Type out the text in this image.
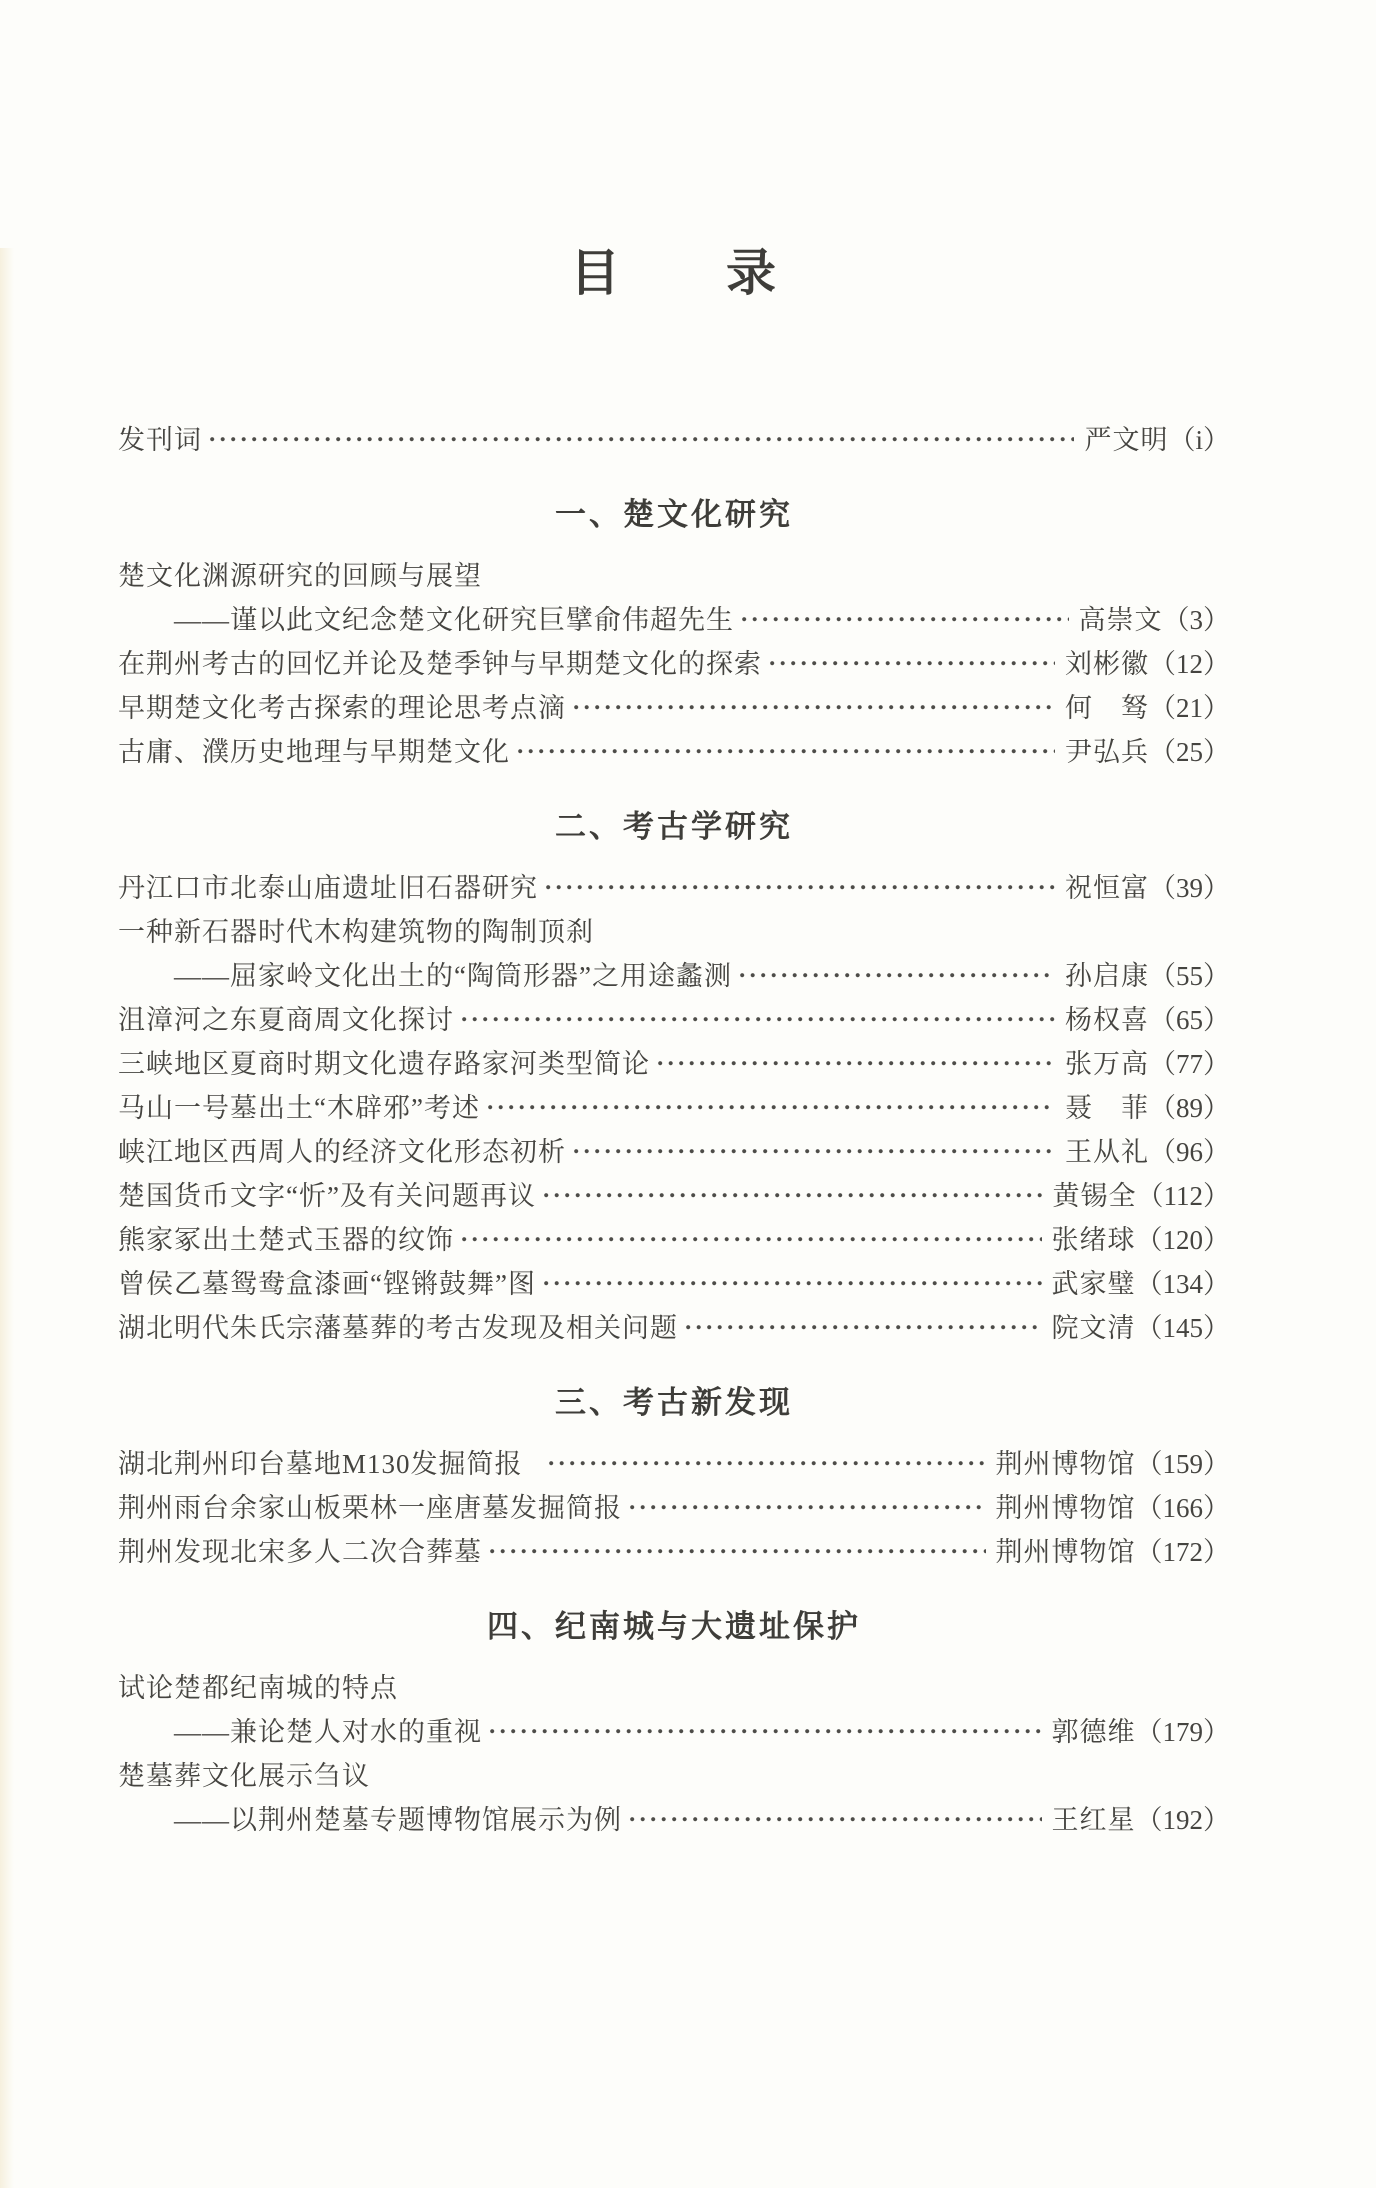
目　　录
发刊词	严文明（i）
一、楚文化研究
楚文化渊源研究的回顾与展望
——谨以此文纪念楚文化研究巨擘俞伟超先生	高崇文（3）
在荆州考古的回忆并论及楚季钟与早期楚文化的探索	刘彬徽（12）
早期楚文化考古探索的理论思考点滴	何　驽（21）
古庸、濮历史地理与早期楚文化	尹弘兵（25）
二、考古学研究
丹江口市北泰山庙遗址旧石器研究	祝恒富（39）
一种新石器时代木构建筑物的陶制顶刹
——屈家岭文化出土的“陶筒形器”之用途蠡测	孙启康（55）
沮漳河之东夏商周文化探讨	杨权喜（65）
三峡地区夏商时期文化遗存路家河类型简论	张万高（77）
马山一号墓出土“木辟邪”考述	聂　菲（89）
峡江地区西周人的经济文化形态初析	王从礼（96）
楚国货币文字“忻”及有关问题再议	黄锡全（112）
熊家冢出土楚式玉器的纹饰	张绪球（120）
曾侯乙墓鸳鸯盒漆画“铿锵鼓舞”图	武家璧（134）
湖北明代朱氏宗藩墓葬的考古发现及相关问题	院文清（145）
三、考古新发现
湖北荆州印台墓地M130发掘简报	荆州博物馆（159）
荆州雨台余家山板栗林一座唐墓发掘简报	荆州博物馆（166）
荆州发现北宋多人二次合葬墓	荆州博物馆（172）
四、纪南城与大遗址保护
试论楚都纪南城的特点
——兼论楚人对水的重视	郭德维（179）
楚墓葬文化展示刍议
——以荆州楚墓专题博物馆展示为例	王红星（192）
